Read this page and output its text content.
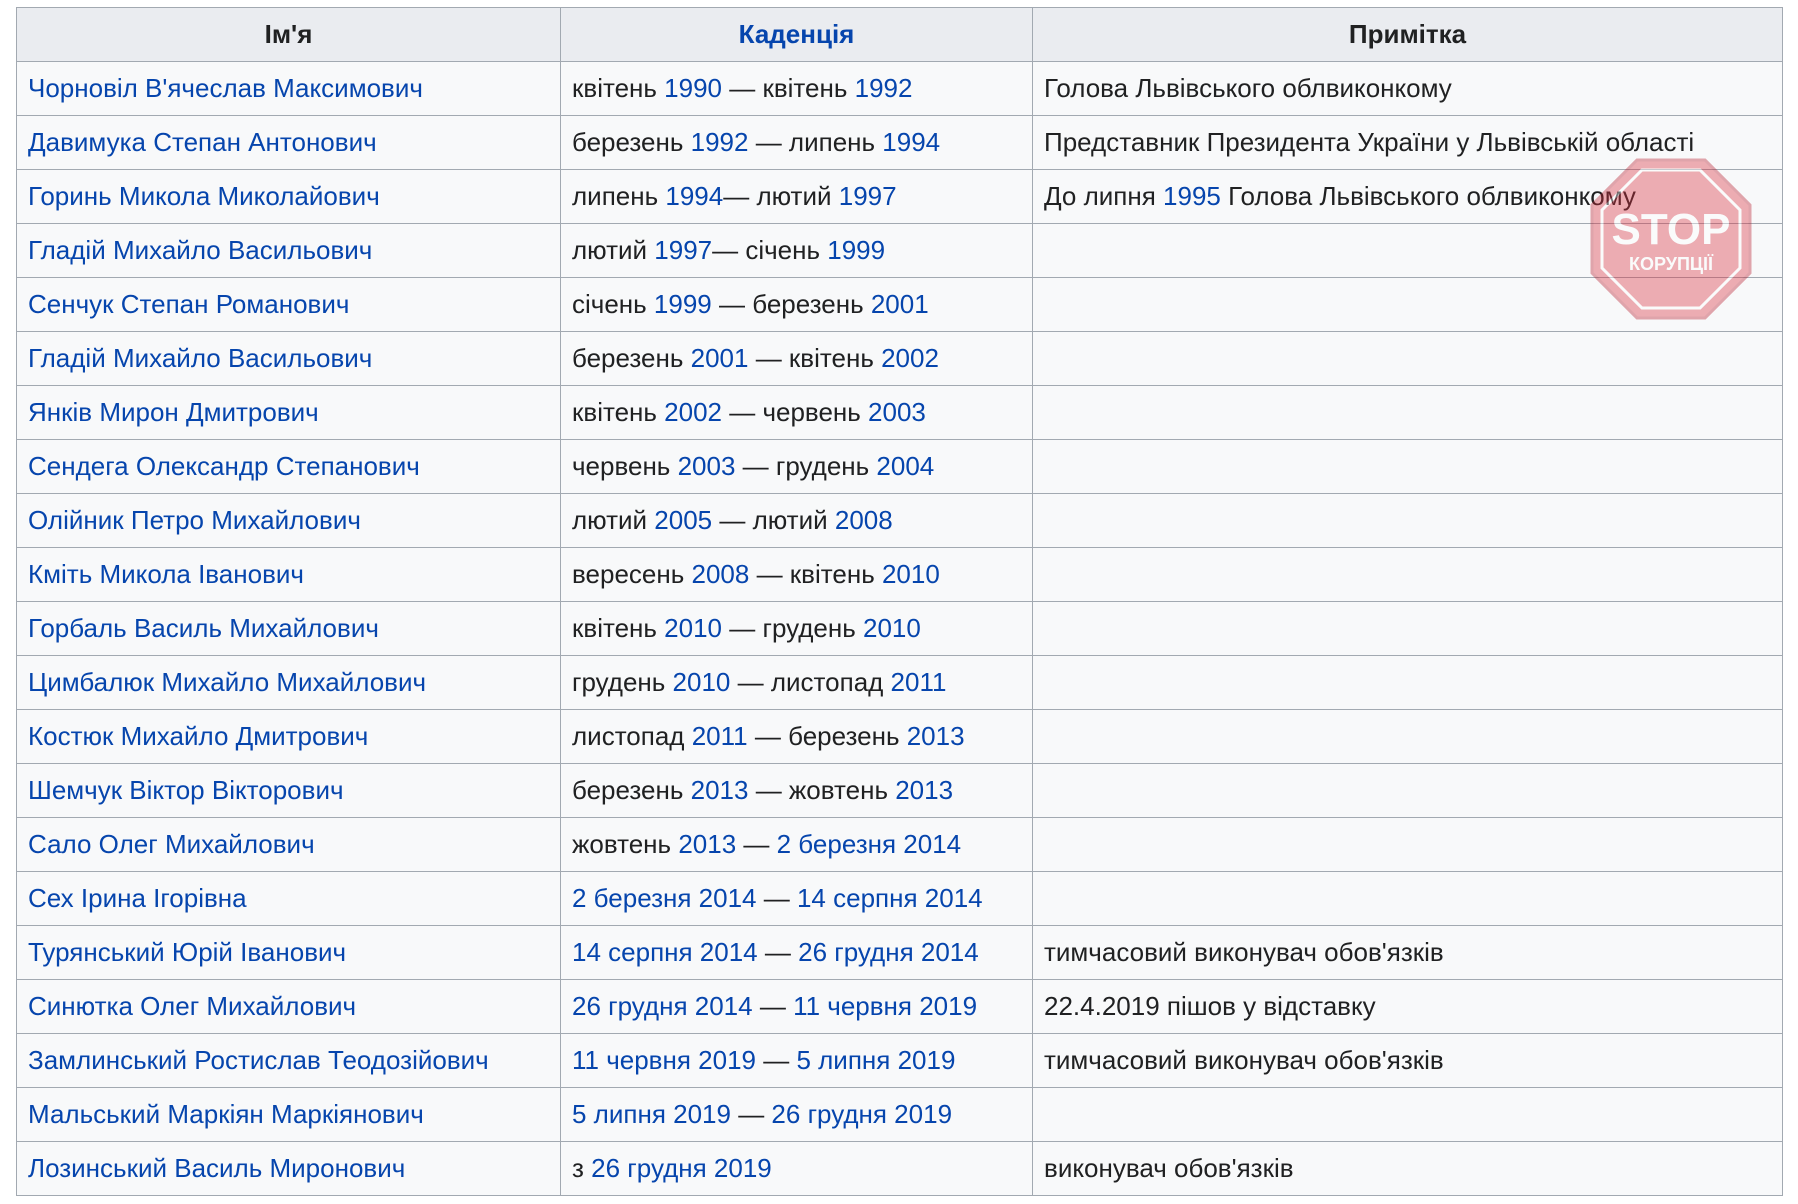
Ім'я	Каденція	Примітка
Чорновіл В'ячеслав Максимович	квітень 1990 — квітень 1992	Голова Львівського облвиконкому
Давимука Степан Антонович	березень 1992 — липень 1994	Представник Президента України у Львівській області
Горинь Микола Миколайович	липень 1994— лютий 1997	До липня 1995 Голова Львівського облвиконкому
Гладій Михайло Васильович	лютий 1997— січень 1999	
Сенчук Степан Романович	січень 1999 — березень 2001	
Гладій Михайло Васильович	березень 2001 — квітень 2002	
Янків Мирон Дмитрович	квітень 2002 — червень 2003	
Сендега Олександр Степанович	червень 2003 — грудень 2004	
Олійник Петро Михайлович	лютий 2005 — лютий 2008	
Кміть Микола Іванович	вересень 2008 — квітень 2010	
Горбаль Василь Михайлович	квітень 2010 — грудень 2010	
Цимбалюк Михайло Михайлович	грудень 2010 — листопад 2011	
Костюк Михайло Дмитрович	листопад 2011 — березень 2013	
Шемчук Віктор Вікторович	березень 2013 — жовтень 2013	
Сало Олег Михайлович	жовтень 2013 — 2 березня 2014	
Сех Ірина Ігорівна	2 березня 2014 — 14 серпня 2014	
Турянський Юрій Іванович	14 серпня 2014 — 26 грудня 2014	тимчасовий виконувач обов'язків
Синютка Олег Михайлович	26 грудня 2014 — 11 червня 2019	22.4.2019 пішов у відставку
Замлинський Ростислав Теодозійович	11 червня 2019 — 5 липня 2019	тимчасовий виконувач обов'язків
Мальський Маркіян Маркіянович	5 липня 2019 — 26 грудня 2019	
Лозинський Василь Миронович	з 26 грудня 2019	виконувач обов'язків
STOP
КОРУПЦІЇ
